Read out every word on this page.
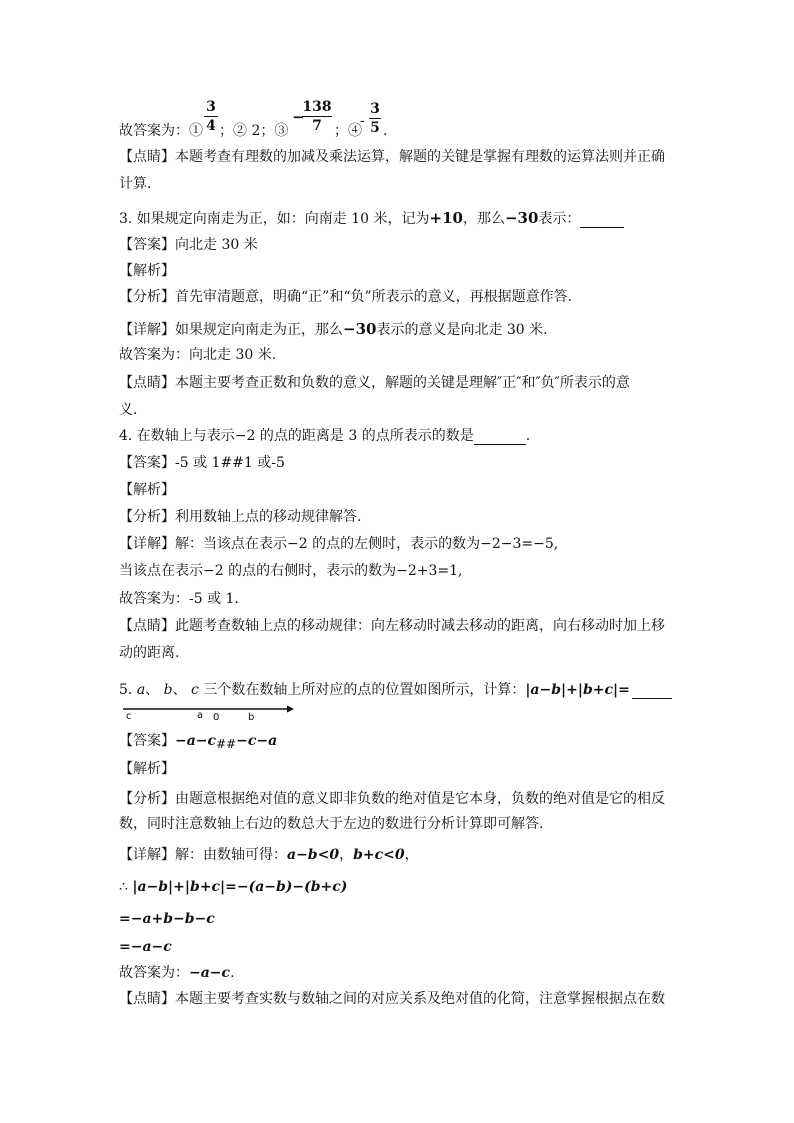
故答案为：①
3
4 ；② 2；③
−
138
7 ；④
-
3
5 .
【点睛】本题考查有理数的加减及乘法运算，解题的关键是掌握有理数的运算法则并正确
计算.
3. 如果规定向南走为正，如：向南走 10 米，记为+10，那么−30表示：
【答案】向北走 30 米
【解析】
【分析】首先审清题意，明确“正”和“负”所表示的意义，再根据题意作答.
【详解】如果规定向南走为正，那么−30表示的意义是向北走 30 米.
故答案为：向北走 30 米.
【点睛】本题主要考查正数和负数的意义，解题的关键是理解″正″和″负″所表示的意
义.
4. 在数轴上与表示−2 的点的距离是 3 的点所表示的数是	.
【答案】-5 或 1##1 或-5
【解析】
【分析】利用数轴上点的移动规律解答.
【详解】解：当该点在表示−2 的点的左侧时，表示的数为−2−3=−5,
当该点在表示−2 的点的右侧时，表示的数为−2+3=1,
故答案为：-5 或 1.
【点睛】此题考查数轴上点的移动规律：向左移动时减去移动的距离，向右移动时加上移
动的距离.
5. a、 b、 c 三个数在数轴上所对应的点的位置如图所示，计算：|a−b|+|b+c|=
c	a 0	b
【答案】−a−c##−c−a
【解析】
【分析】由题意根据绝对值的意义即非负数的绝对值是它本身，负数的绝对值是它的相反
数，同时注意数轴上右边的数总大于左边的数进行分析计算即可解答.
【详解】解：由数轴可得：a−b<0，b+c<0，
∴ |a−b|+|b+c|=−(a−b)−(b+c)
=−a+b−b−c
=−a−c
故答案为：−a−c.
【点睛】本题主要考查实数与数轴之间的对应关系及绝对值的化简，注意掌握根据点在数
